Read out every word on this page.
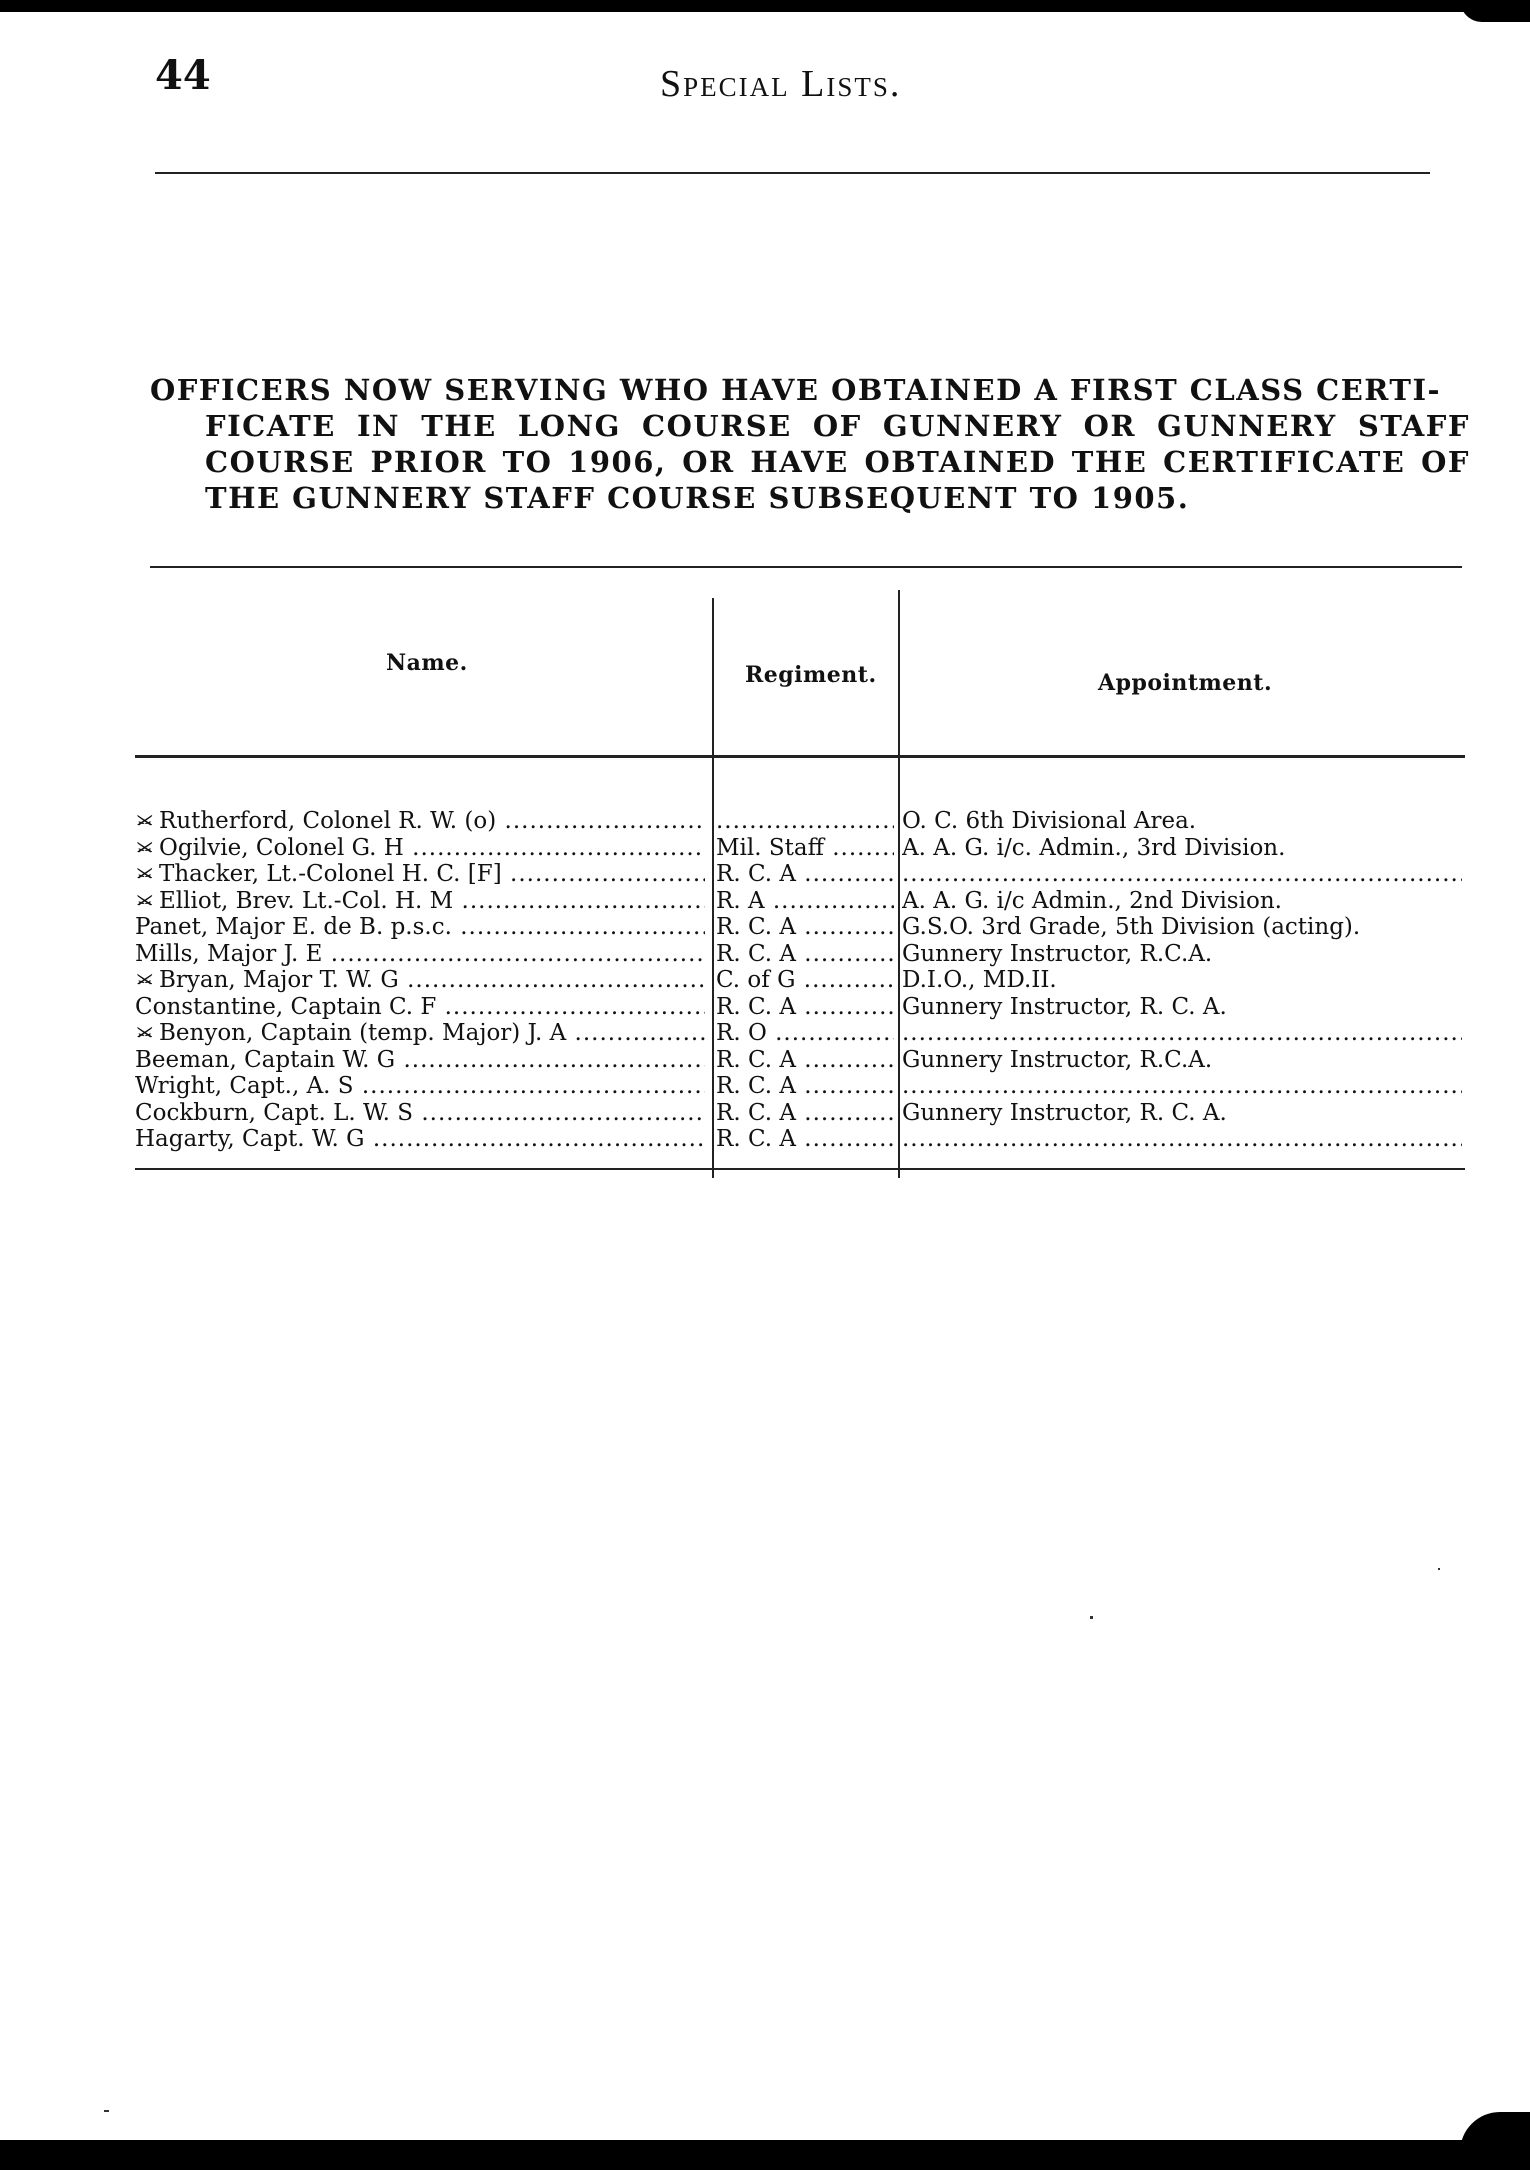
44	Special Lists.
OFFICERS NOW SERVING WHO HAVE OBTAINED A FIRST CLASS CERTI-
FICATE IN THE LONG COURSE OF GUNNERY OR GUNNERY STAFF COURSE PRIOR TO 1906, OR HAVE OBTAINED THE CERTIFICATE OF THE GUNNERY STAFF COURSE SUBSEQUENT TO 1905.
Name.	Regiment.	Appointment.
⚔ Rutherford, Colonel R. W. (o) .....
.....	O. C. 6th Divisional Area.
⚔ Ogilvie, Colonel G. H .....	Mil. Staff .....	A. A. G. i/c. Admin., 3rd Division.
⚔ Thacker, Lt.-Colonel H. C. [F] .....	R. C. A .....
.....
⚔ Elliot, Brev. Lt.-Col. H. M .....	R. A .....	A. A. G. i/c Admin., 2nd Division.
Panet, Major E. de B. p.s.c. .....	R. C. A .....	G.S.O. 3rd Grade, 5th Division (acting).
Mills, Major J. E .....	R. C. A .....	Gunnery Instructor, R.C.A.
⚔ Bryan, Major T. W. G .....	C. of G .....	D.I.O., MD.II.
Constantine, Captain C. F .....	R. C. A .....	Gunnery Instructor, R. C. A.
⚔ Benyon, Captain (temp. Major) J. A .....	R. O .....
.....
Beeman, Captain W. G .....	R. C. A .....	Gunnery Instructor, R.C.A.
Wright, Capt., A. S .....	R. C. A .....
.....
Cockburn, Capt. L. W. S .....	R. C. A .....	Gunnery Instructor, R. C. A.
Hagarty, Capt. W. G .....	R. C. A .....
.....
